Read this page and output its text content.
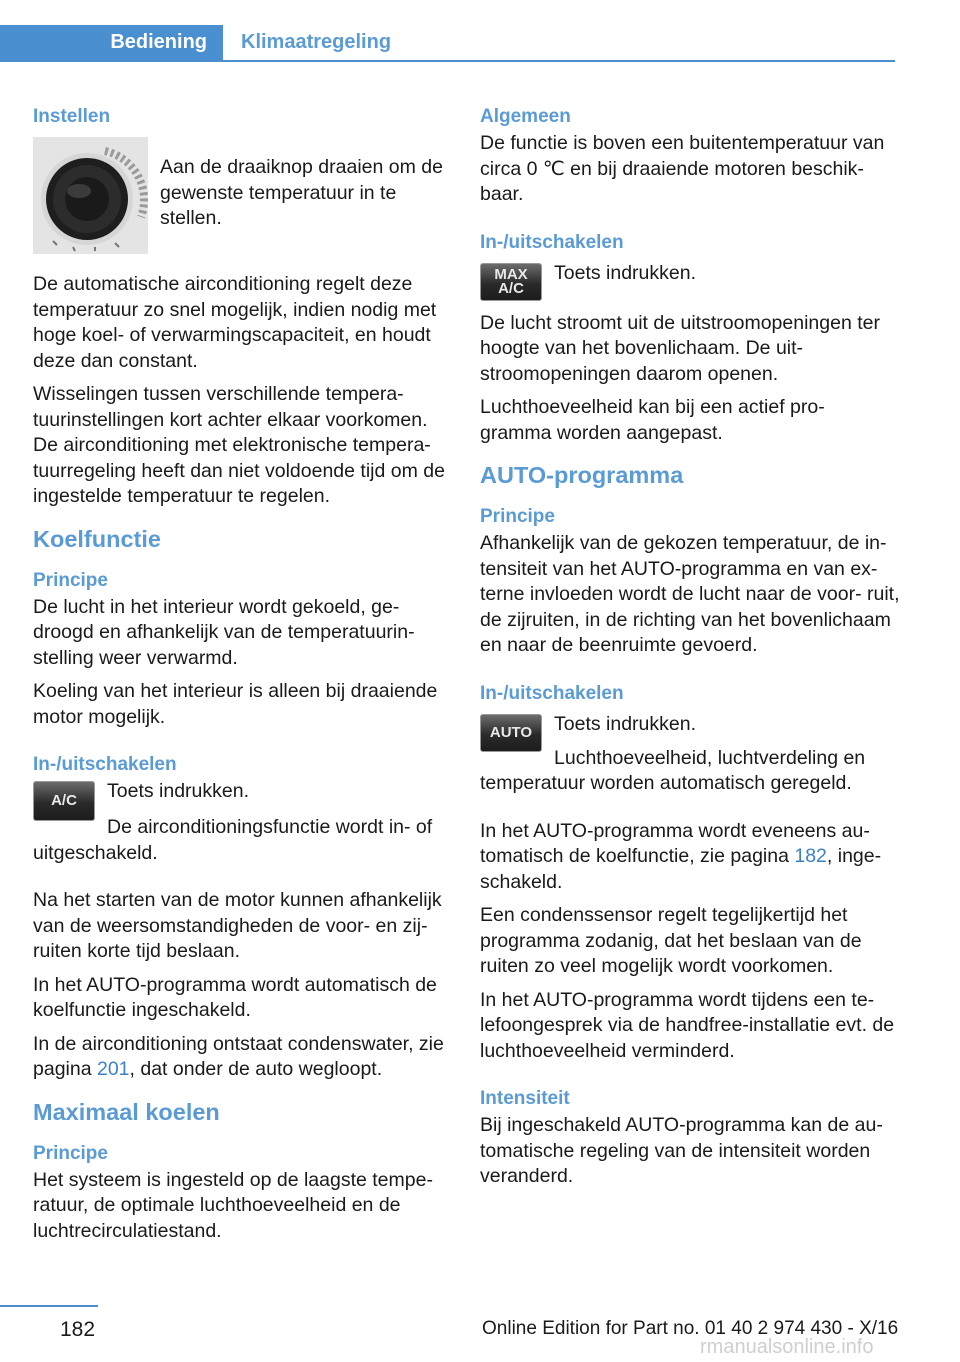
Bediening Klimaatregeling
Instellen

Aan de draaiknop draaien om de gewenste temperatuur in te stellen.

De automatische airconditioning regelt deze temperatuur zo snel mogelijk, indien nodig met hoge koel- of verwarmingscapaciteit, en houdt deze dan constant.

Wisselingen tussen verschillende tempera‐ tuurinstellingen kort achter elkaar voorkomen. De airconditioning met elektronische tempera‐ tuurregeling heeft dan niet voldoende tijd om de ingestelde temperatuur te regelen.

Koelfunctie
Principe

De lucht in het interieur wordt gekoeld, ge‐ droogd en afhankelijk van de temperatuurin‐ stelling weer verwarmd.

Koeling van het interieur is alleen bij draaiende motor mogelijk.

In-/uitschakelen
A/C	Toets indrukken.

De airconditioningsfunctie wordt in- of uitgeschakeld.

Na het starten van de motor kunnen afhankelijk van de weersomstandigheden de voor- en zij‐ ruiten korte tijd beslaan.

In het AUTO-programma wordt automatisch de koelfunctie ingeschakeld.

In de airconditioning ontstaat condenswater, zie pagina 201, dat onder de auto wegloopt.

Maximaal koelen
Principe

Het systeem is ingesteld op de laagste tempe‐ ratuur, de optimale luchthoeveelheid en de luchtrecirculatiestand.

Algemeen

De functie is boven een buitentemperatuur van circa 0 ℃ en bij draaiende motoren beschik‐ baar.

In-/uitschakelen
MAX
A/C

Toets indrukken.

De lucht stroomt uit de uitstroomopeningen ter hoogte van het bovenlichaam. De uit‐ stroomopeningen daarom openen.

Luchthoeveelheid kan bij een actief pro‐ gramma worden aangepast.

AUTO-programma
Principe

Afhankelijk van de gekozen temperatuur, de in‐ tensiteit van het AUTO-programma en van ex‐ terne invloeden wordt de lucht naar de voor‐ ruit, de zijruiten, in de richting van het bovenlichaam en naar de beenruimte gevoerd.

In-/uitschakelen
AUTO	Toets indrukken.

Luchthoeveelheid, luchtverdeling en temperatuur worden automatisch geregeld.

In het AUTO-programma wordt eveneens au‐ tomatisch de koelfunctie, zie pagina 182, inge‐ schakeld.

Een condenssensor regelt tegelijkertijd het programma zodanig, dat het beslaan van de ruiten zo veel mogelijk wordt voorkomen.

In het AUTO-programma wordt tijdens een te‐ lefoongesprek via de handfree-installatie evt. de luchthoeveelheid verminderd.

Intensiteit

Bij ingeschakeld AUTO-programma kan de au‐ tomatische regeling van de intensiteit worden veranderd.

182	Online Edition for Part no. 01 40 2 974 430 - X/16
rmanualsonline.info
